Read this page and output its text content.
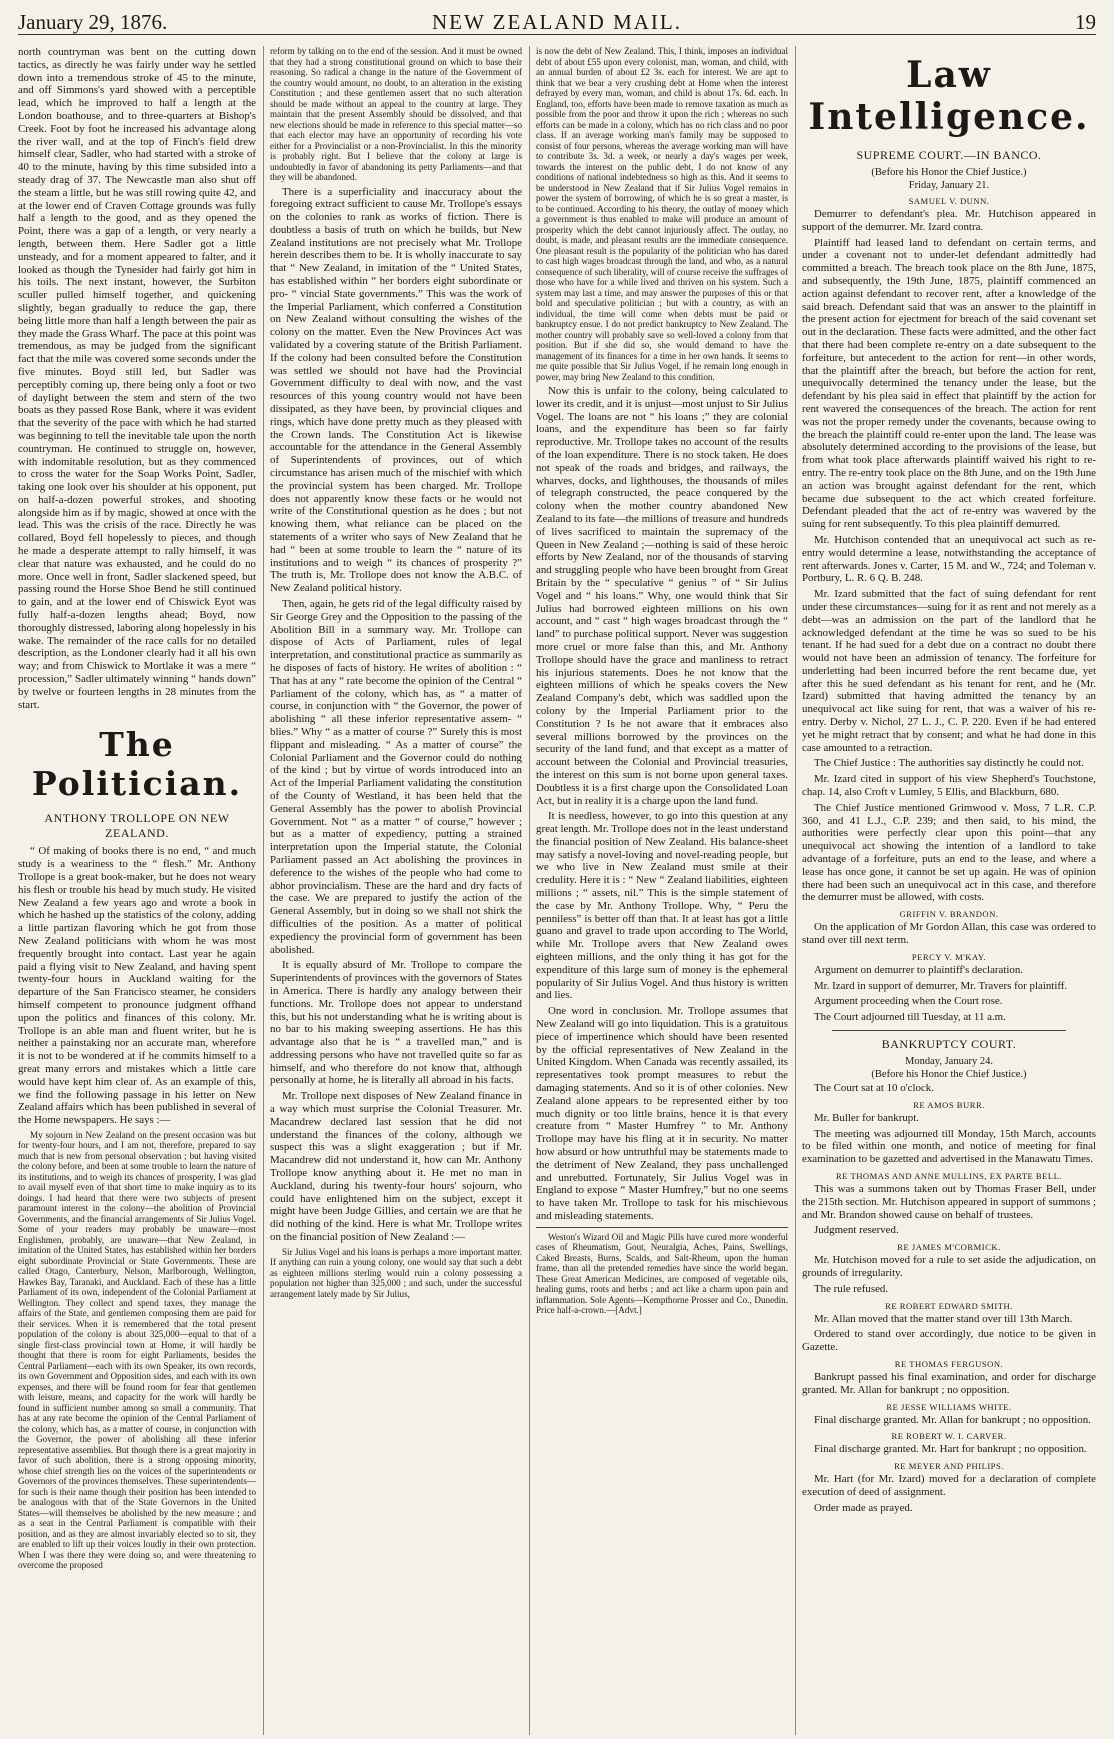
January 29, 1876.	NEW ZEALAND MAIL.	19

north countryman was bent on the cutting down tactics, as directly he was fairly under way he settled down into a tremendous stroke of 45 to the minute, and off Simmons's yard showed with a perceptible lead, which he improved to half a length at the London boathouse, and to three-quarters at Bishop's Creek. Foot by foot he increased his advantage along the river wall, and at the top of Finch's field drew himself clear, Sadler, who had started with a stroke of 40 to the minute, having by this time subsided into a steady drag of 37. The Newcastle man also shut off the steam a little, but he was still rowing quite 42, and at the lower end of Craven Cottage grounds was fully half a length to the good, and as they opened the Point, there was a gap of a length, or very nearly a length, between them. Here Sadler got a little unsteady, and for a moment appeared to falter, and it looked as though the Tynesider had fairly got him in his toils. The next instant, however, the Surbiton sculler pulled himself together, and quickening slightly, began gradually to reduce the gap, there being little more than half a length between the pair as they made the Grass Wharf. The pace at this point was tremendous, as may be judged from the significant fact that the mile was covered some seconds under the five minutes. Boyd still led, but Sadler was perceptibly coming up, there being only a foot or two of daylight between the stem and stern of the two boats as they passed Rose Bank, where it was evident that the severity of the pace with which he had started was beginning to tell the inevitable tale upon the north countryman. He continued to struggle on, however, with indomitable resolution, but as they commenced to cross the water for the Soap Works Point, Sadler, taking one look over his shoulder at his opponent, put on half-a-dozen powerful strokes, and shooting alongside him as if by magic, showed at once with the lead. This was the crisis of the race. Directly he was collared, Boyd fell hopelessly to pieces, and though he made a desperate attempt to rally himself, it was clear that nature was exhausted, and he could do no more. Once well in front, Sadler slackened speed, but passing round the Horse Shoe Bend he still continued to gain, and at the lower end of Chiswick Eyot was fully half-a-dozen lengths ahead; Boyd, now thoroughly distressed, laboring along hopelessly in his wake. The remainder of the race calls for no detailed description, as the Londoner clearly had it all his own way; and from Chiswick to Mortlake it was a mere “ procession,” Sadler ultimately winning “ hands down” by twelve or fourteen lengths in 28 minutes from the start.

The Politician.
ANTHONY TROLLOPE ON NEW ZEALAND.

“ Of making of books there is no end, “ and much study is a weariness to the “ flesh.” Mr. Anthony Trollope is a great book-maker, but he does not weary his flesh or trouble his head by much study. He visited New Zealand a few years ago and wrote a book in which he hashed up the statistics of the colony, adding a little partizan flavoring which he got from those New Zealand politicians with whom he was most frequently brought into contact. Last year he again paid a flying visit to New Zealand, and having spent twenty-four hours in Auckland waiting for the departure of the San Francisco steamer, he considers himself competent to pronounce judgment offhand upon the politics and finances of this colony. Mr. Trollope is an able man and fluent writer, but he is neither a painstaking nor an accurate man, wherefore it is not to be wondered at if he commits himself to a great many errors and mistakes which a little care would have kept him clear of. As an example of this, we find the following passage in his letter on New Zealand affairs which has been published in several of the Home newspapers. He says :—

My sojourn in New Zealand on the present occasion was but for twenty-four hours, and I am not, therefore, prepared to say much that is new from personal observation ; but having visited the colony before, and been at some trouble to learn the nature of its institutions, and to weigh its chances of prosperity, I was glad to avail myself even of that short time to make inquiry as to its doings. I had heard that there were two subjects of present paramount interest in the colony—the abolition of Provincial Governments, and the financial arrangements of Sir Julius Vogel. Some of your readers may probably be unaware—most Englishmen, probably, are unaware—that New Zealand, in imitation of the United States, has established within her borders eight subordinate Provincial or State Governments. These are called Otago, Canterbury, Nelson, Marlborough, Wellington, Hawkes Bay, Taranaki, and Auckland. Each of these has a little Parliament of its own, independent of the Colonial Parliament at Wellington. They collect and spend taxes, they manage the affairs of the State, and gentlemen composing them are paid for their services. When it is remembered that the total present population of the colony is about 325,000—equal to that of a single first-class provincial town at Home, it will hardly be thought that there is room for eight Parliaments, besides the Central Parliament—each with its own Speaker, its own records, its own Government and Opposition sides, and each with its own expenses, and there will be found room for fear that gentlemen with leisure, means, and capacity for the work will hardly be found in sufficient number among so small a community. That has at any rate become the opinion of the Central Parliament of the colony, which has, as a matter of course, in conjunction with the Governor, the power of abolishing all these inferior representative assemblies. But though there is a great majority in favor of such abolition, there is a strong opposing minority, whose chief strength lies on the voices of the superintendents or Governors of the provinces themselves. These superintendents—for such is their name though their position has been intended to be analogous with that of the State Governors in the United States—will themselves be abolished by the new measure ; and as a seat in the Central Parliament is compatible with their position, and as they are almost invariably elected so to sit, they are enabled to lift up their voices loudly in their own protection. When I was there they were doing so, and were threatening to overcome the proposed

reform by talking on to the end of the session. And it must be owned that they had a strong constitutional ground on which to base their reasoning. So radical a change in the nature of the Government of the country would amount, no doubt, to an alteration in the existing Constitution ; and these gentlemen assert that no such alteration should be made without an appeal to the country at large. They maintain that the present Assembly should be dissolved, and that new elections should be made in reference to this special matter—so that each elector may have an opportunity of recording his vote either for a Provincialist or a non-Provincialist. In this the minority is probably right. But I believe that the colony at large is undoubtedly in favor of abandoning its petty Parliaments—and that they will be abandoned.

There is a superficiality and inaccuracy about the foregoing extract sufficient to cause Mr. Trollope's essays on the colonies to rank as works of fiction. There is doubtless a basis of truth on which he builds, but New Zealand institutions are not precisely what Mr. Trollope herein describes them to be. It is wholly inaccurate to say that “ New Zealand, in imitation of the “ United States, has established within “ her borders eight subordinate or pro- “ vincial State governments.” This was the work of the Imperial Parliament, which conferred a Constitution on New Zealand without consulting the wishes of the colony on the matter. Even the New Provinces Act was validated by a covering statute of the British Parliament. If the colony had been consulted before the Constitution was settled we should not have had the Provincial Government difficulty to deal with now, and the vast resources of this young country would not have been dissipated, as they have been, by provincial cliques and rings, which have done pretty much as they pleased with the Crown lands. The Constitution Act is likewise accountable for the attendance in the General Assembly of Superintendents of provinces, out of which circumstance has arisen much of the mischief with which the provincial system has been charged. Mr. Trollope does not apparently know these facts or he would not write of the Constitutional question as he does ; but not knowing them, what reliance can be placed on the statements of a writer who says of New Zealand that he had “ been at some trouble to learn the “ nature of its institutions and to weigh “ its chances of prosperity ?” The truth is, Mr. Trollope does not know the A.B.C. of New Zealand political history.

Then, again, he gets rid of the legal difficulty raised by Sir George Grey and the Opposition to the passing of the Abolition Bill in a summary way. Mr. Trollope can dispose of Acts of Parliament, rules of legal interpretation, and constitutional practice as summarily as he disposes of facts of history. He writes of abolition : “ That has at any “ rate become the opinion of the Central “ Parliament of the colony, which has, as “ a matter of course, in conjunction with “ the Governor, the power of abolishing “ all these inferior representative assem- “ blies.” Why “ as a matter of course ?” Surely this is most flippant and misleading. “ As a matter of course” the Colonial Parliament and the Governor could do nothing of the kind ; but by virtue of words introduced into an Act of the Imperial Parliament validating the constitution of the County of Westland, it has been held that the General Assembly has the power to abolish Provincial Government. Not “ as a matter “ of course,” however ; but as a matter of expediency, putting a strained interpretation upon the Imperial statute, the Colonial Parliament passed an Act abolishing the provinces in deference to the wishes of the people who had come to abhor provincialism. These are the hard and dry facts of the case. We are prepared to justify the action of the General Assembly, but in doing so we shall not shirk the difficulties of the position. As a matter of political expediency the provincial form of government has been abolished.

It is equally absurd of Mr. Trollope to compare the Superintendents of provinces with the governors of States in America. There is hardly any analogy between their functions. Mr. Trollope does not appear to understand this, but his not understanding what he is writing about is no bar to his making sweeping assertions. He has this advantage also that he is “ a travelled man,” and is addressing persons who have not travelled quite so far as himself, and who therefore do not know that, although personally at home, he is literally all abroad in his facts.

Mr. Trollope next disposes of New Zealand finance in a way which must surprise the Colonial Treasurer. Mr. Macandrew declared last session that he did not understand the finances of the colony, although we suspect this was a slight exaggeration ; but if Mr. Macandrew did not understand it, how can Mr. Anthony Trollope know anything about it. He met no man in Auckland, during his twenty-four hours' sojourn, who could have enlightened him on the subject, except it might have been Judge Gillies, and certain we are that he did nothing of the kind. Here is what Mr. Trollope writes on the financial position of New Zealand :—

Sir Julius Vogel and his loans is perhaps a more important matter. If anything can ruin a young colony, one would say that such a debt as eighteen millions sterling would ruin a colony possessing a population not higher than 325,000 ; and such, under the successful arrangement lately made by Sir Julius,

is now the debt of New Zealand. This, I think, imposes an individual debt of about £55 upon every colonist, man, woman, and child, with an annual burden of about £2 3s. each for interest. We are apt to think that we bear a very crushing debt at Home when the interest defrayed by every man, woman, and child is about 17s. 6d. each. In England, too, efforts have been made to remove taxation as much as possible from the poor and throw it upon the rich ; whereas no such efforts can be made in a colony, which has no rich class and no poor class. If an average working man's family may be supposed to consist of four persons, whereas the average working man will have to contribute 3s. 3d. a week, or nearly a day's wages per week, towards the interest on the public debt, I do not know of any conditions of national indebtedness so high as this. And it seems to be understood in New Zealand that if Sir Julius Vogel remains in power the system of borrowing, of which he is so great a master, is to be continued. According to his theory, the outlay of money which a government is thus enabled to make will produce an amount of prosperity which the debt cannot injuriously affect. The outlay, no doubt, is made, and pleasant results are the immediate consequence. One pleasant result is the popularity of the politician who has dared to cast high wages broadcast through the land, and who, as a natural consequence of such liberality, will of course receive the suffrages of those who have for a while lived and thriven on his system. Such a system may last a time, and may answer the purposes of this or that bold and speculative politician ; but with a country, as with an individual, the time will come when debts must be paid or bankruptcy ensue. I do not predict bankruptcy to New Zealand. The mother country will probably save so well-loved a colony from that position. But if she did so, she would demand to have the management of its finances for a time in her own hands. It seems to me quite possible that Sir Julius Vogel, if he remain long enough in power, may bring New Zealand to this condition.

Now this is unfair to the colony, being calculated to lower its credit, and it is unjust—most unjust to Sir Julius Vogel. The loans are not “ his loans ;” they are colonial loans, and the expenditure has been so far fairly reproductive. Mr. Trollope takes no account of the results of the loan expenditure. There is no stock taken. He does not speak of the roads and bridges, and railways, the wharves, docks, and lighthouses, the thousands of miles of telegraph constructed, the peace conquered by the colony when the mother country abandoned New Zealand to its fate—the millions of treasure and hundreds of lives sacrificed to maintain the supremacy of the Queen in New Zealand ;—nothing is said of these heroic efforts by New Zealand, nor of the thousands of starving and struggling people who have been brought from Great Britain by the “ speculative “ genius ” of “ Sir Julius Vogel and “ his loans.” Why, one would think that Sir Julius had borrowed eighteen millions on his own account, and “ cast “ high wages broadcast through the “ land” to purchase political support. Never was suggestion more cruel or more false than this, and Mr. Anthony Trollope should have the grace and manliness to retract his injurious statements. Does he not know that the eighteen millions of which he speaks covers the New Zealand Company's debt, which was saddled upon the colony by the Imperial Parliament prior to the Constitution ? Is he not aware that it embraces also several millions borrowed by the provinces on the security of the land fund, and that except as a matter of account between the Colonial and Provincial treasuries, the interest on this sum is not borne upon general taxes. Doubtless it is a first charge upon the Consolidated Loan Act, but in reality it is a charge upon the land fund.

It is needless, however, to go into this question at any great length. Mr. Trollope does not in the least understand the financial position of New Zealand. His balance-sheet may satisfy a novel-loving and novel-reading people, but we who live in New Zealand must smile at their credulity. Here it is : “ New “ Zealand liabilities, eighteen millions ; “ assets, nil.” This is the simple statement of the case by Mr. Anthony Trollope. Why, “ Peru the penniless” is better off than that. It at least has got a little guano and gravel to trade upon according to The World, while Mr. Trollope avers that New Zealand owes eighteen millions, and the only thing it has got for the expenditure of this large sum of money is the ephemeral popularity of Sir Julius Vogel. And thus history is written and lies.

One word in conclusion. Mr. Trollope assumes that New Zealand will go into liquidation. This is a gratuitous piece of impertinence which should have been resented by the official representatives of New Zealand in the United Kingdom. When Canada was recently assailed, its representatives took prompt measures to rebut the damaging statements. And so it is of other colonies. New Zealand alone appears to be represented either by too much dignity or too little brains, hence it is that every creature from “ Master Humfrey ” to Mr. Anthony Trollope may have his fling at it in security. No matter how absurd or how untruthful may be statements made to the detriment of New Zealand, they pass unchallenged and unrebutted. Fortunately, Sir Julius Vogel was in England to expose “ Master Humfrey,” but no one seems to have taken Mr. Trollope to task for his mischievous and misleading statements.

Weston's Wizard Oil and Magic Pills have cured more wonderful cases of Rheumatism, Gout, Neuralgia, Aches, Pains, Swellings, Caked Breasts, Burns, Scalds, and Salt-Rheum, upon the human frame, than all the pretended remedies have since the world began. These Great American Medicines, are composed of vegetable oils, healing gums, roots and herbs ; and act like a charm upon pain and inflammation. Sole Agents—Kempthorne Prosser and Co., Dunedin. Price half-a-crown.—[Advt.]

Law Intelligence.
SUPREME COURT.—IN BANCO.
(Before his Honor the Chief Justice.)
Friday, January 21.
SAMUEL V. DUNN.

Demurrer to defendant's plea. Mr. Hutchison appeared in support of the demurrer. Mr. Izard contra.

Plaintiff had leased land to defendant on certain terms, and under a covenant not to under-let defendant admittedly had committed a breach. The breach took place on the 8th June, 1875, and subsequently, the 19th June, 1875, plaintiff commenced an action against defendant to recover rent, after a knowledge of the said breach. Defendant said that was an answer to the plaintiff in the present action for ejectment for breach of the said covenant set out in the declaration. These facts were admitted, and the other fact that there had been complete re-entry on a date subsequent to the forfeiture, but antecedent to the action for rent—in other words, that the plaintiff after the breach, but before the action for rent, unequivocally determined the tenancy under the lease, but the defendant by his plea said in effect that plaintiff by the action for rent wavered the consequences of the breach. The action for rent was not the proper remedy under the covenants, because owing to the breach the plaintiff could re-enter upon the land. The lease was absolutely determined according to the provisions of the lease, but from what took place afterwards plaintiff waived his right to re-entry. The re-entry took place on the 8th June, and on the 19th June an action was brought against defendant for the rent, which became due subsequent to the act which created forfeiture. Defendant pleaded that the act of re-entry was wavered by the suing for rent subsequently. To this plea plaintiff demurred.

Mr. Hutchison contended that an unequivocal act such as re-entry would determine a lease, notwithstanding the acceptance of rent afterwards. Jones v. Carter, 15 M. and W., 724; and Toleman v. Portbury, L. R. 6 Q. B. 248.

Mr. Izard submitted that the fact of suing defendant for rent under these circumstances—suing for it as rent and not merely as a debt—was an admission on the part of the landlord that he acknowledged defendant at the time he was so sued to be his tenant. If he had sued for a debt due on a contract no doubt there would not have been an admission of tenancy. The forfeiture for underletting had been incurred before the rent became due, yet after this he sued defendant as his tenant for rent, and he (Mr. Izard) submitted that having admitted the tenancy by an unequivocal act like suing for rent, that was a waiver of his re-entry. Derby v. Nichol, 27 L. J., C. P. 220. Even if he had entered yet he might retract that by consent; and what he had done in this case amounted to a retraction.

The Chief Justice : The authorities say distinctly he could not.

Mr. Izard cited in support of his view Shepherd's Touchstone, chap. 14, also Croft v Lumley, 5 Ellis, and Blackburn, 680.

The Chief Justice mentioned Grimwood v. Moss, 7 L.R. C.P. 360, and 41 L.J., C.P. 239; and then said, to his mind, the authorities were perfectly clear upon this point—that any unequivocal act showing the intention of a landlord to take advantage of a forfeiture, puts an end to the lease, and where a lease has once gone, it cannot be set up again. He was of opinion there had been such an unequivocal act in this case, and therefore the demurrer must be allowed, with costs.

GRIFFIN V. BRANDON.

On the application of Mr Gordon Allan, this case was ordered to stand over till next term.

PERCY V. M'KAY.

Argument on demurrer to plaintiff's declaration.

Mr. Izard in support of demurrer, Mr. Travers for plaintiff.

Argument proceeding when the Court rose.

The Court adjourned till Tuesday, at 11 a.m.

BANKRUPTCY COURT.
Monday, January 24.
(Before his Honor the Chief Justice.)

The Court sat at 10 o'clock.

RE AMOS BURR.

Mr. Buller for bankrupt.

The meeting was adjourned till Monday, 15th March, accounts to be filed within one month, and notice of meeting for final examination to be gazetted and advertised in the Manawatu Times.

RE THOMAS AND ANNE MULLINS, EX PARTE BELL.

This was a summons taken out by Thomas Fraser Bell, under the 215th section. Mr. Hutchison appeared in support of summons ; and Mr. Brandon showed cause on behalf of trustees.

Judgment reserved.

RE JAMES M'CORMICK.

Mr. Hutchison moved for a rule to set aside the adjudication, on grounds of irregularity.

The rule refused.

RE ROBERT EDWARD SMITH.

Mr. Allan moved that the matter stand over till 13th March.

Ordered to stand over accordingly, due notice to be given in Gazette.

RE THOMAS FERGUSON.

Bankrupt passed his final examination, and order for discharge granted. Mr. Allan for bankrupt ; no opposition.

RE JESSE WILLIAMS WHITE.

Final discharge granted. Mr. Allan for bankrupt ; no opposition.

RE ROBERT W. I. CARVER.

Final discharge granted. Mr. Hart for bankrupt ; no opposition.

RE MEYER AND PHILIPS.

Mr. Hart (for Mr. Izard) moved for a declaration of complete execution of deed of assignment.

Order made as prayed.
